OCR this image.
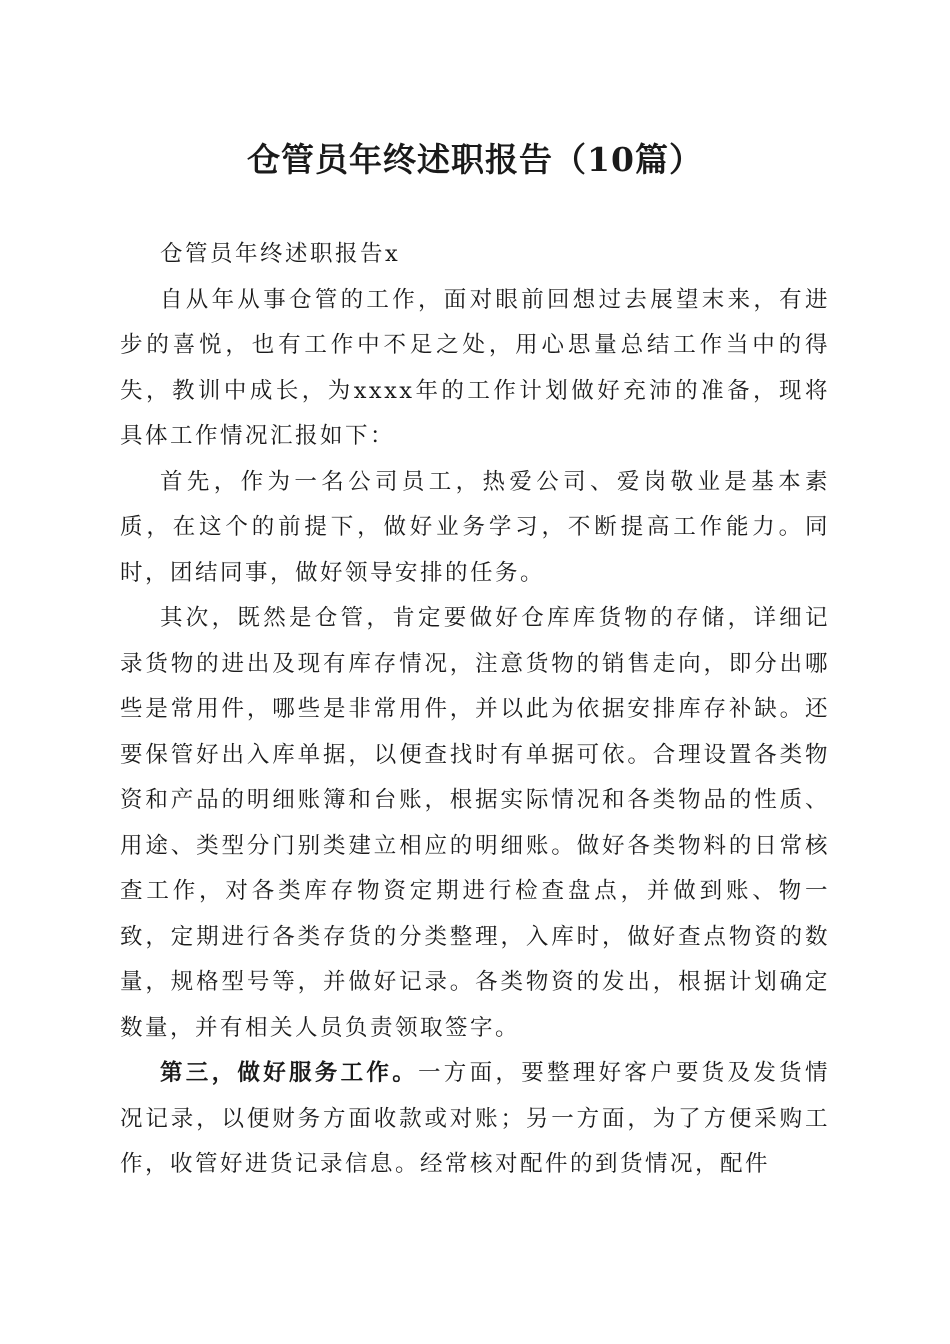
仓管员年终述职报告（10篇）

仓管员年终述职报告x

自从年从事仓管的工作，面对眼前回想过去展望末来，有进步的喜悦，也有工作中不足之处，用心思量总结工作当中的得失，教训中成长，为xxxx年的工作计划做好充沛的准备，现将具体工作情况汇报如下：

首先，作为一名公司员工，热爱公司、爱岗敬业是基本素质，在这个的前提下，做好业务学习，不断提高工作能力。同时，团结同事，做好领导安排的任务。

其次，既然是仓管，肯定要做好仓库库货物的存储，详细记录货物的进出及现有库存情况，注意货物的销售走向，即分出哪些是常用件，哪些是非常用件，并以此为依据安排库存补缺。还要保管好出入库单据，以便查找时有单据可依。合理设置各类物资和产品的明细账簿和台账，根据实际情况和各类物品的性质、用途、类型分门别类建立相应的明细账。做好各类物料的日常核查工作，对各类库存物资定期进行检查盘点，并做到账、物一致，定期进行各类存货的分类整理，入库时，做好查点物资的数量，规格型号等，并做好记录。各类物资的发出，根据计划确定数量，并有相关人员负责领取签字。

第三，做好服务工作。一方面，要整理好客户要货及发货情况记录，以便财务方面收款或对账；另一方面，为了方便采购工作，收管好进货记录信息。经常核对配件的到货情况，配件
